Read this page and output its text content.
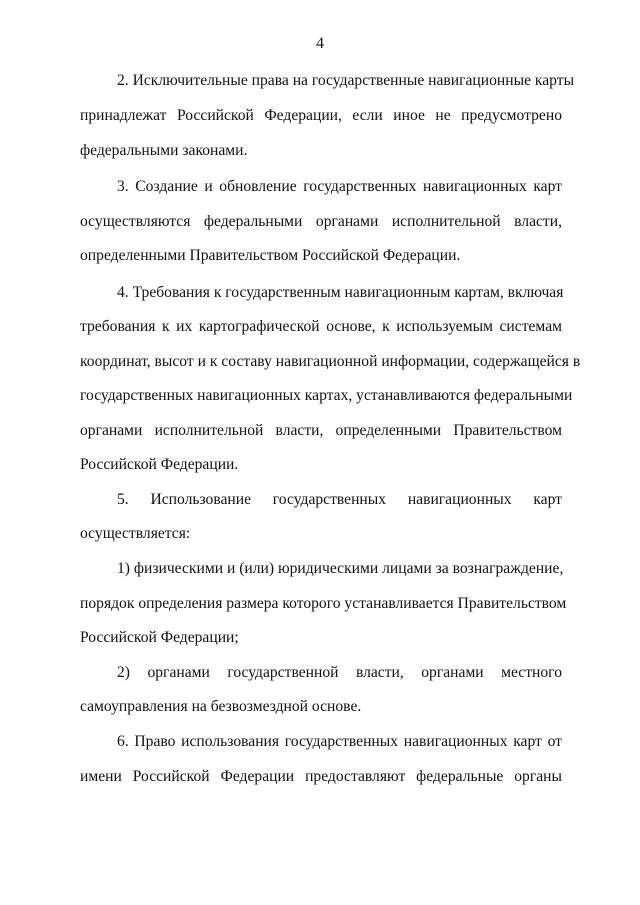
4
2. Исключительные права на государственные навигационные карты
принадлежат Российской Федерации, если иное не предусмотрено
федеральными законами.
3. Создание и обновление государственных навигационных карт
осуществляются федеральными органами исполнительной власти,
определенными Правительством Российской Федерации.
4. Требования к государственным навигационным картам, включая
требования к их картографической основе, к используемым системам
координат, высот и к составу навигационной информации, содержащейся в
государственных навигационных картах, устанавливаются федеральными
органами исполнительной власти, определенными Правительством
Российской Федерации.
5. Использование государственных навигационных карт
осуществляется:
1) физическими и (или) юридическими лицами за вознаграждение,
порядок определения размера которого устанавливается Правительством
Российской Федерации;
2) органами государственной власти, органами местного
самоуправления на безвозмездной основе.
6. Право использования государственных навигационных карт от
имени Российской Федерации предоставляют федеральные органы
